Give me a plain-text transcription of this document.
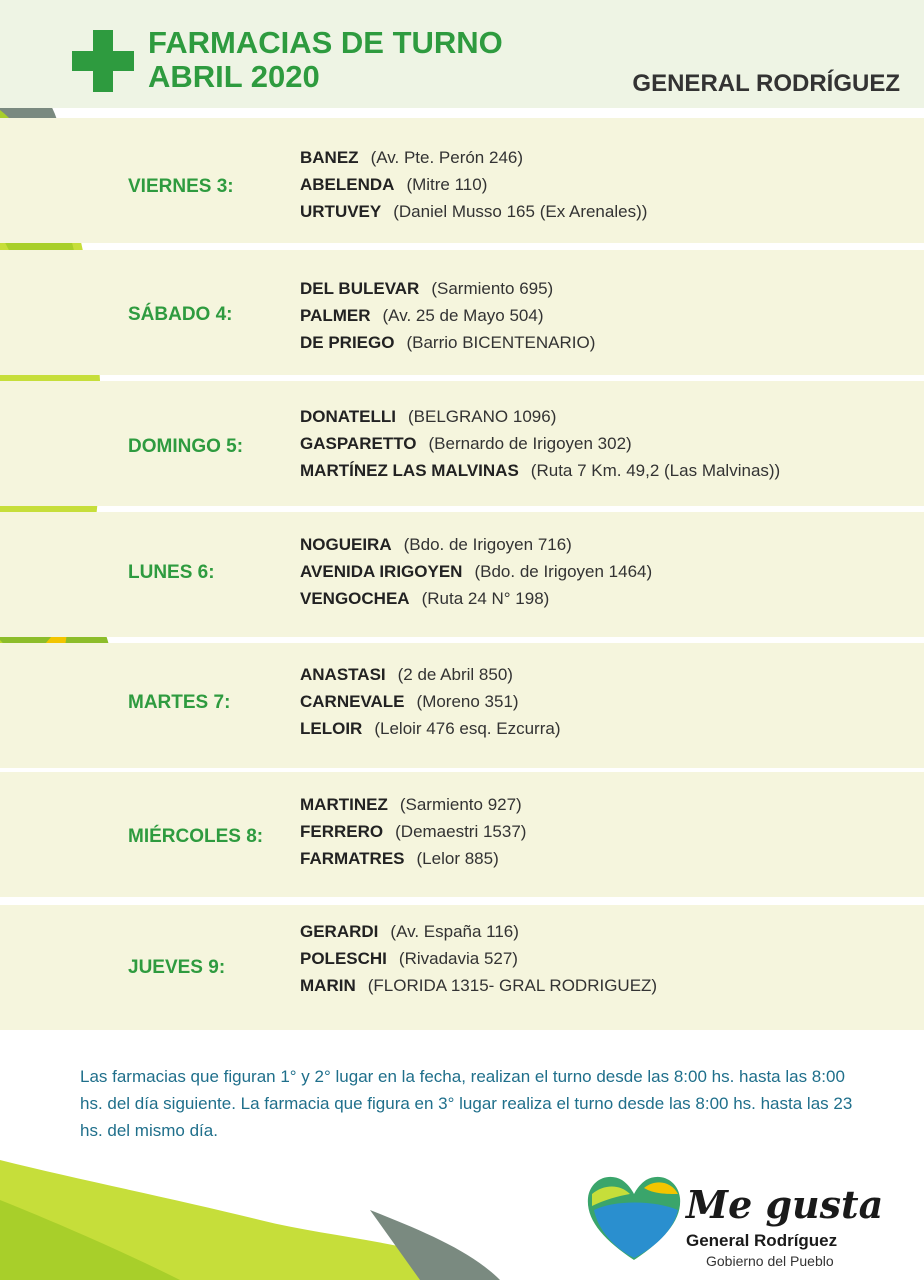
FARMACIAS DE TURNO
ABRIL 2020	GENERAL RODRÍGUEZ
VIERNES 3:
BANEZ (Av. Pte. Perón 246)
ABELENDA (Mitre 110)
URTUVEY (Daniel Musso 165 (Ex Arenales))
SÁBADO 4:
DEL BULEVAR (Sarmiento 695)
PALMER (Av. 25 de Mayo 504)
DE PRIEGO (Barrio BICENTENARIO)
DOMINGO 5:
DONATELLI (BELGRANO 1096)
GASPARETTO (Bernardo de Irigoyen 302)
MARTÍNEZ LAS MALVINAS (Ruta 7 Km. 49,2 (Las Malvinas))
LUNES 6:
NOGUEIRA (Bdo. de Irigoyen 716)
AVENIDA IRIGOYEN (Bdo. de Irigoyen 1464)
VENGOCHEA (Ruta 24 N° 198)
MARTES 7:
ANASTASI (2 de Abril 850)
CARNEVALE (Moreno 351)
LELOIR (Leloir 476 esq. Ezcurra)
MIÉRCOLES 8:
MARTINEZ (Sarmiento 927)
FERRERO (Demaestri 1537)
FARMATRES (Lelor 885)
JUEVES 9:
GERARDI (Av. España 116)
POLESCHI (Rivadavia 527)
MARIN (FLORIDA 1315- GRAL RODRIGUEZ)
Las farmacias que figuran 1° y 2° lugar en la fecha, realizan el turno desde las 8:00 hs. hasta las 8:00 hs. del día siguiente. La farmacia que figura en 3° lugar realiza el turno desde las 8:00 hs. hasta las 23 hs. del mismo día.
Me gusta
General Rodríguez
Gobierno del Pueblo
